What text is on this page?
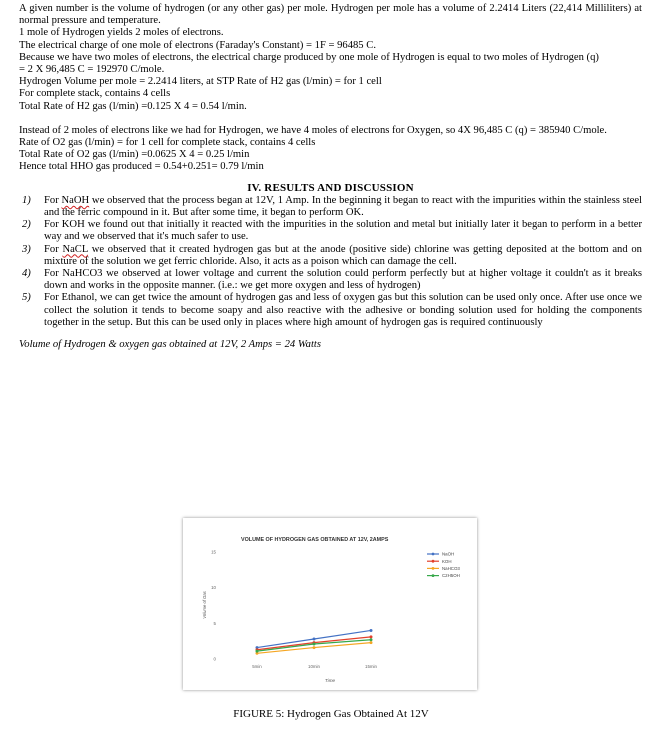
A given number is the volume of hydrogen (or any other gas) per mole. Hydrogen per mole has a volume of 2.2414 Liters (22,414 Milliliters) at normal pressure and temperature.

1 mole of Hydrogen yields 2 moles of electrons.

The electrical charge of one mole of electrons (Faraday's Constant) = 1F = 96485 C.

Because we have two moles of electrons, the electrical charge produced by one mole of Hydrogen is equal to two moles of Hydrogen (q)

= 2 X 96,485 C = 192970 C/mole.

Hydrogen Volume per mole = 2.2414 liters, at STP Rate of H2 gas (l/min) = for 1 cell

For complete stack, contains 4 cells

Total Rate of H2 gas (l/min) =0.125 X 4 = 0.54 l/min.

Instead of 2 moles of electrons like we had for Hydrogen, we have 4 moles of electrons for Oxygen, so 4X 96,485 C (q) = 385940 C/mole.

Rate of O2 gas (l/min) = for 1 cell for complete stack, contains 4 cells

Total Rate of O2 gas (l/min) =0.0625 X 4 = 0.25 l/min

Hence total HHO gas produced = 0.54+0.251= 0.79 l/min

IV. RESULTS AND DISCUSSION
1) For NaOH we observed that the process began at 12V, 1 Amp. In the beginning it began to react with the impurities within the stainless steel and the ferric compound in it. But after some time, it began to perform OK.
2) For KOH we found out that initially it reacted with the impurities in the solution and metal but initially later it began to perform in a better way and we observed that it's much safer to use.
3) For NaCL we observed that it created hydrogen gas but at the anode (positive side) chlorine was getting deposited at the bottom and on mixture of the solution we get ferric chloride. Also, it acts as a poison which can damage the cell.
4) For NaHCO3 we observed at lower voltage and current the solution could perform perfectly but at higher voltage it couldn't as it breaks down and works in the opposite manner. (i.e.: we get more oxygen and less of hydrogen)
5) For Ethanol, we can get twice the amount of hydrogen gas and less of oxygen gas but this solution can be used only once. After use once we collect the solution it tends to become soapy and also reactive with the adhesive or bonding solution used for holding the components together in the setup. But this can be used only in places where high amount of hydrogen gas is required continuously

Volume of Hydrogen & oxygen gas obtained at 12V, 2 Amps = 24 Watts

VOLUME OF HYDROGEN GAS OBTAINED AT 12V, 2AMPS
Volume of Gas
Time
0
5
10
15
5min	10min	15min
NaOH
KOH
NaHCO3
C2H5OH
FIGURE 5: Hydrogen Gas Obtained At 12V
